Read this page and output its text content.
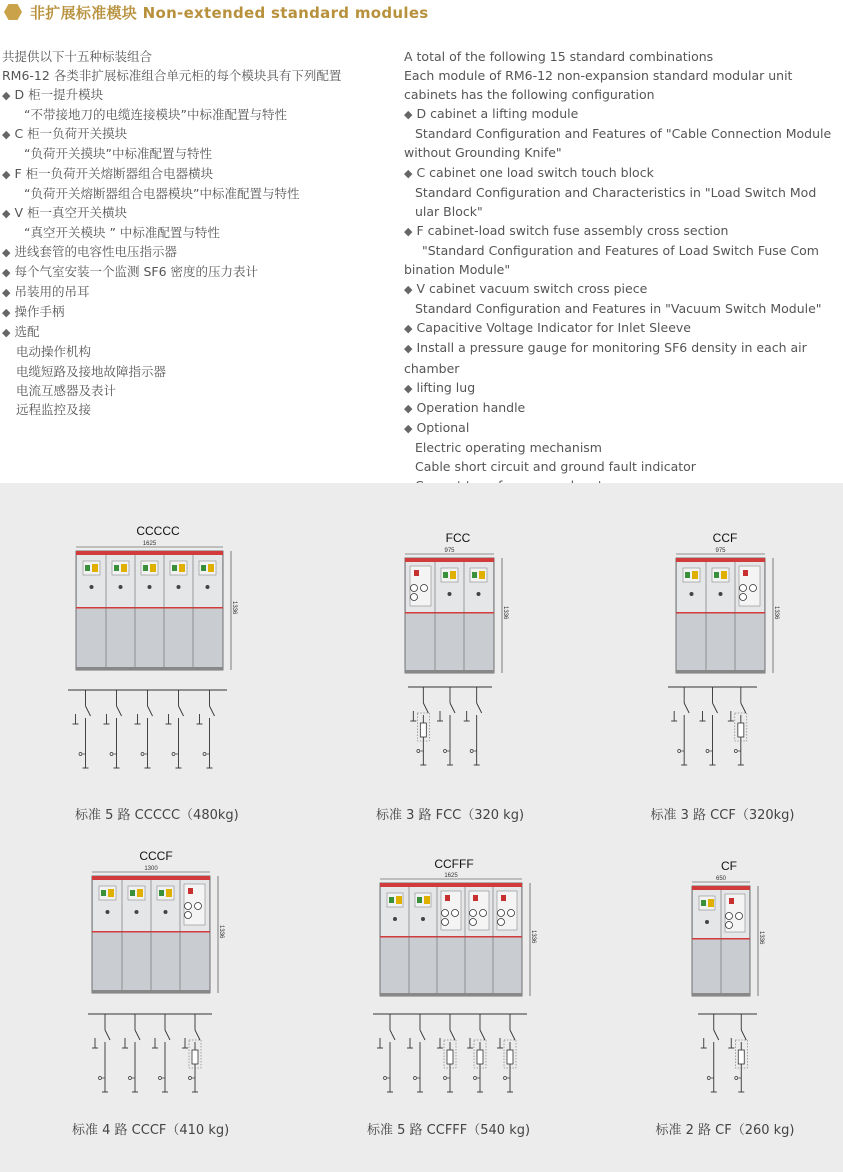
非扩展标准模块 Non-extended standard modules
共提供以下十五种标装组合
RM6-12 各类非扩展标准组合单元柜的每个模块具有下列配置
◆ D 柜一提升模块
“不带接地刀的电缆连接模块”中标准配置与特性
◆ C 柜一负荷开关摸块
“负荷开关摸块”中标准配置与特性
◆ F 柜一负荷开关熔断器组合电器横块
“负荷开关熔断器组合电器模块”中标准配置与特性
◆ V 柜一真空开关横块
“真空开关模块 ” 中标准配置与特性
◆ 进线套管的电容性电压指示器
◆ 每个气室安装一个监测 SF6 密度的压力表计
◆ 吊装用的吊耳
◆ 操作手柄
◆ 选配
电动操作机构
电缆短路及接地故障指示器
电流互感器及表计
远程监控及接
A total of the following 15 standard combinations
Each module of RM6-12 non-expansion standard modular unit cabinets has the following configuration
◆ D cabinet a lifting module
Standard Configuration and Features of "Cable Connection Module without Grounding Knife"
◆ C cabinet one load switch touch block
Standard Configuration and Characteristics in "Load Switch Mod ular Block"
◆ F cabinet-load switch fuse assembly cross section
"Standard Configuration and Features of Load Switch Fuse Com bination Module"
◆ V cabinet vacuum switch cross piece
Standard Configuration and Features in "Vacuum Switch Module"
◆ Capacitive Voltage Indicator for Inlet Sleeve
◆ Install a pressure gauge for monitoring SF6 density in each air chamber
◆ lifting lug
◆ Operation handle
◆ Optional
Electric operating mechanism
Cable short circuit and ground fault indicator
CCCCC
1625
1336
标准 5 路 CCCCC（480kg)
FCC
975
1336
标准 3 路 FCC（320 kg)
CCF
975
1336
标准 3 路 CCF（320kg)
CCCF
1300
1336
标准 4 路 CCCF（410 kg)
CCFFF
1625
1336
标准 5 路 CCFFF（540 kg)
CF
650
1336
标准 2 路 CF（260 kg)
